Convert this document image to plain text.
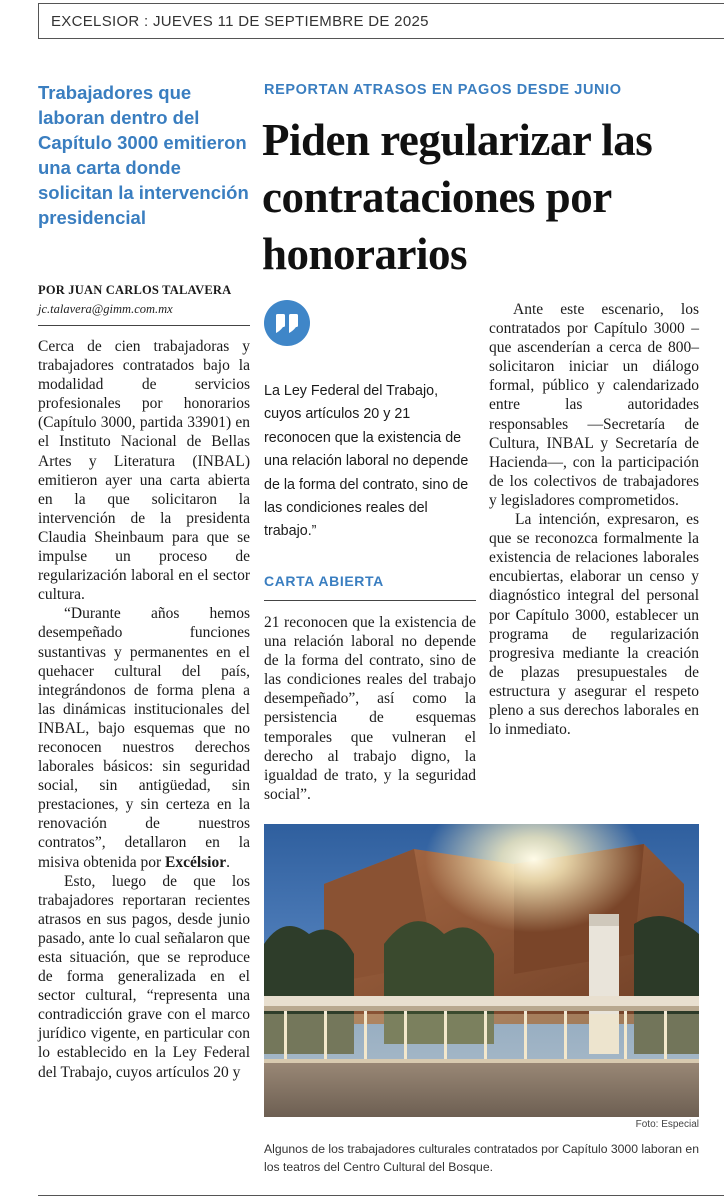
EXCELSIOR : JUEVES 11 DE SEPTIEMBRE DE 2025
Trabajadores que laboran dentro del Capítulo 3000 emitieron una carta donde solicitan la intervención presidencial
REPORTAN ATRASOS EN PAGOS DESDE JUNIO
Piden regularizar las contrataciones por honorarios
POR JUAN CARLOS TALAVERA
jc.talavera@gimm.com.mx

Cerca de cien trabajadoras y trabajadores contratados bajo la modalidad de servicios profesionales por honorarios (Capítulo 3000, partida 33901) en el Instituto Nacional de Bellas Artes y Literatura (INBAL) emitieron ayer una carta abierta en la que solicitaron la intervención de la presidenta Claudia Sheinbaum para que se impulse un proceso de regularización laboral en el sector cultura.

“Durante años hemos desempeñado funciones sustantivas y permanentes en el quehacer cultural del país, integrándonos de forma plena a las dinámicas institucionales del INBAL, bajo esquemas que no reconocen nuestros derechos laborales básicos: sin seguridad social, sin antigüedad, sin prestaciones, y sin certeza en la renovación de nuestros contratos”, detallaron en la misiva obtenida por Excélsior.

Esto, luego de que los trabajadores reportaran recientes atrasos en sus pagos, desde junio pasado, ante lo cual señalaron que esta situación, que se reproduce de forma generalizada en el sector cultural, “representa una contradicción grave con el marco jurídico vigente, en particular con lo establecido en la Ley Federal del Trabajo, cuyos artículos 20 y

La Ley Federal del Trabajo, cuyos artículos 20 y 21 reconocen que la existencia de una relación laboral no depende de la forma del contrato, sino de las condiciones reales del trabajo.”
CARTA ABIERTA

21 reconocen que la existencia de una relación laboral no depende de la forma del contrato, sino de las condiciones reales del trabajo desempeñado”, así como la persistencia de esquemas temporales que vulneran el derecho al trabajo digno, la igualdad de trato, y la seguridad social”.

Ante este escenario, los contratados por Capítulo 3000 –que ascenderían a cerca de 800– solicitaron iniciar un diálogo formal, público y calendarizado entre las autoridades responsables —Secretaría de Cultura, INBAL y Secretaría de Hacienda—, con la participación de los colectivos de trabajadores y legisladores comprometidos.

La intención, expresaron, es que se reconozca formalmente la existencia de relaciones laborales encubiertas, elaborar un censo y diagnóstico integral del personal por Capítulo 3000, establecer un programa de regularización progresiva mediante la creación de plazas presupuestales de estructura y asegurar el respeto pleno a sus derechos laborales en lo inmediato.

Foto: Especial
Algunos de los trabajadores culturales contratados por Capítulo 3000 laboran en los teatros del Centro Cultural del Bosque.
